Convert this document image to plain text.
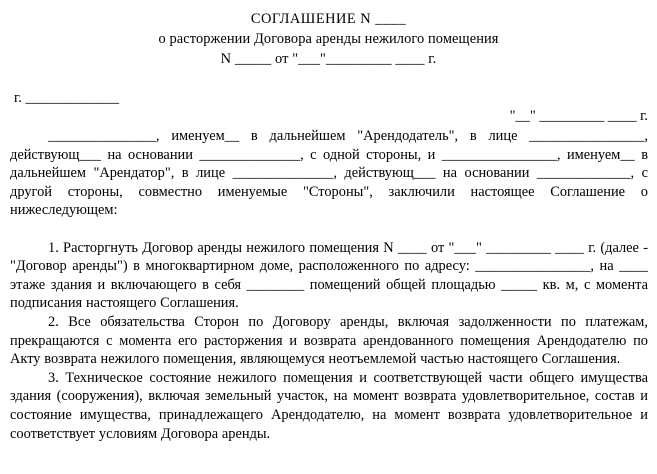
СОГЛАШЕНИЕ N ____
о расторжении Договора аренды нежилого помещения
N _____ от "___"_________ ____ г.
г. _____________
"__" _________ ____ г.

_______________, именуем__ в дальнейшем "Арендодатель", в лице ________________, действующ___ на основании ______________, с одной стороны, и ________________, именуем__ в дальнейшем "Арендатор", в лице ______________, действующ___ на основании _____________, с другой стороны, совместно именуемые "Стороны", заключили настоящее Соглашение о нижеследующем:

1. Расторгнуть Договор аренды нежилого помещения N ____ от "___" _________ ____ г. (далее - "Договор аренды") в многоквартирном доме, расположенного по адресу: ________________, на ____ этаже здания и включающего в себя ________ помещений общей площадью _____ кв. м, с момента подписания настоящего Соглашения.

2. Все обязательства Сторон по Договору аренды, включая задолженности по платежам, прекращаются с момента его расторжения и возврата арендованного помещения Арендодателю по Акту возврата нежилого помещения, являющемуся неотъемлемой частью настоящего Соглашения.

3. Техническое состояние нежилого помещения и соответствующей части общего имущества здания (сооружения), включая земельный участок, на момент возврата удовлетворительное, состав и состояние имущества, принадлежащего Арендодателю, на момент возврата удовлетворительное и соответствует условиям Договора аренды.
